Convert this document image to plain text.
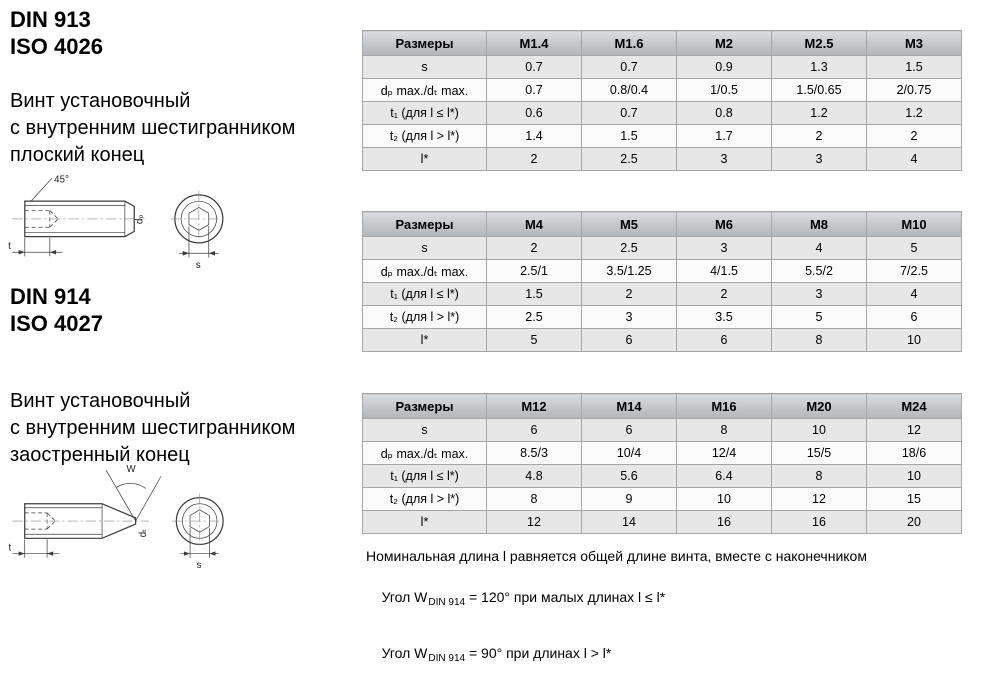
DIN 913
ISO 4026
Винт установочный
с внутренним шестигранником
плоский конец
45°
t
dₚ
s
DIN 914
ISO 4027
Винт установочный
с внутренним шестигранником
заостренный конец
W
t
dₜ
s
Размеры	M1.4	M1.6	M2	M2.5	M3
s	0.7	0.7	0.9	1.3	1.5
dₚ max./dₜ max.	0.7	0.8/0.4	1/0.5	1.5/0.65	2/0.75
t₁ (для l ≤ l*)	0.6	0.7	0.8	1.2	1.2
t₂ (для l > l*)	1.4	1.5	1.7	2	2
l*	2	2.5	3	3	4
Размеры	M4	M5	M6	M8	M10
s	2	2.5	3	4	5
dₚ max./dₜ max.	2.5/1	3.5/1.25	4/1.5	5.5/2	7/2.5
t₁ (для l ≤ l*)	1.5	2	2	3	4
t₂ (для l > l*)	2.5	3	3.5	5	6
l*	5	6	6	8	10
Размеры	M12	M14	M16	M20	M24
s	6	6	8	10	12
dₚ max./dₜ max.	8.5/3	10/4	12/4	15/5	18/6
t₁ (для l ≤ l*)	4.8	5.6	6.4	8	10
t₂ (для l > l*)	8	9	10	12	15
l*	12	14	16	16	20
Номинальная длина l равняется общей длине винта, вместе с наконечником

Угол $W_{DIN 914} = 120^\circ$ при малых длинах l ≤ l*

Угол $W_{DIN 914} = 90^\circ$ при длинах l > l*
